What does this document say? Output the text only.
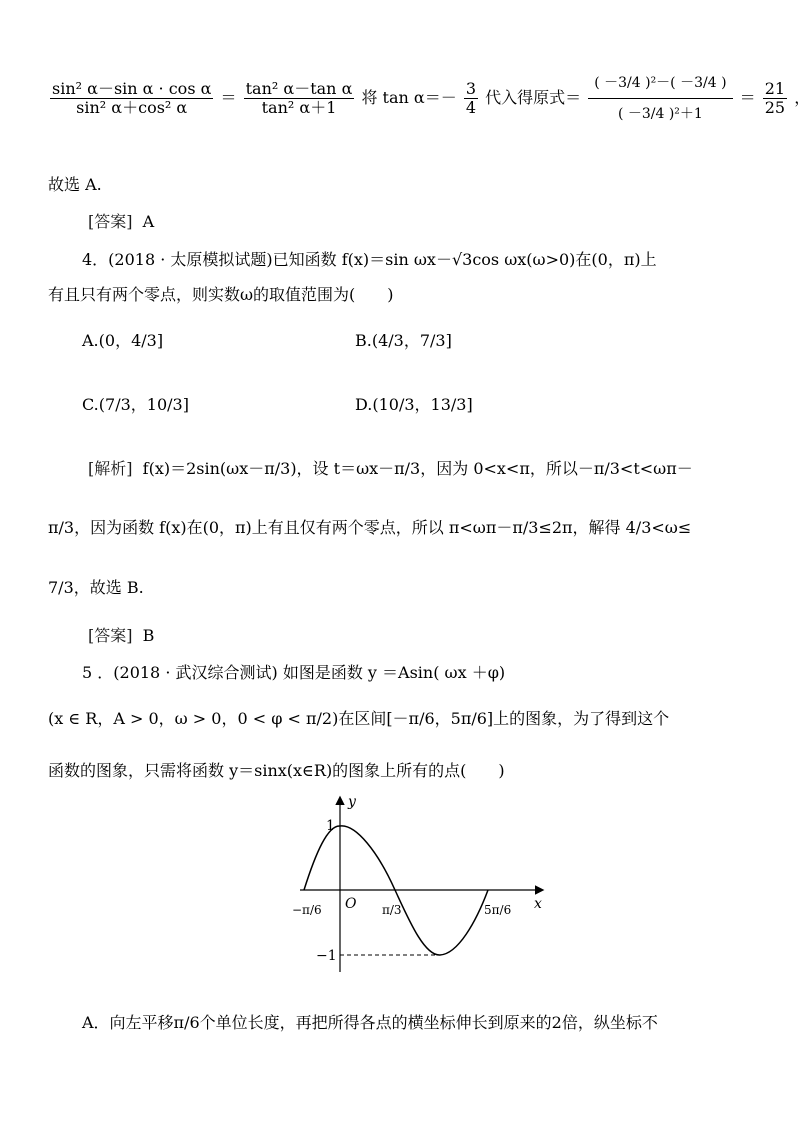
$\frac{\text{sin² α－sin α · cos α}}{\text{sin² α＋cos² α}} = \frac{\text{tan² α－tan α}}{\text{tan² α＋1}}$ 将 $\tan \alpha=- \frac{3}{4}$ 代入得原式＝ $\frac{\text{( －3/4 )²－( －3/4 )}}{\text{( －3/4 )²＋1}} = \frac{21}{25}$ ，
故选 A.
[答案] A
4．(2018 · 太原模拟试题)已知函数 f(x)＝sin ωx－√3cos ωx(ω>0)在(0，π)上
有且只有两个零点，则实数ω的取值范围为(　　)
A.(0，4/3]	B.(4/3，7/3]
C.(7/3，10/3]	D.(10/3，13/3]
[解析] f(x)＝2sin(ωx－π/3)，设 t＝ωx－π/3，因为 0<x<π，所以－π/3<t<ωπ－
π/3，因为函数 f(x)在(0，π)上有且仅有两个零点，所以 π<ωπ－π/3≤2π，解得 4/3<ω≤
7/3，故选 B.
[答案] B
5 ．(2018 · 武汉综合测试) 如图是函数 y ＝Asin( ωx ＋φ)
(x ∈ R，A > 0，ω > 0，0 < φ < π/2)在区间[－π/6，5π/6]上的图象，为了得到这个
函数的图象，只需将函数 y＝sinx(x∈R)的图象上所有的点(　　)
y
x
O
1
−1
−π/6	π/3	5π/6
A．向左平移π/6个单位长度，再把所得各点的横坐标伸长到原来的2倍，纵坐标不
